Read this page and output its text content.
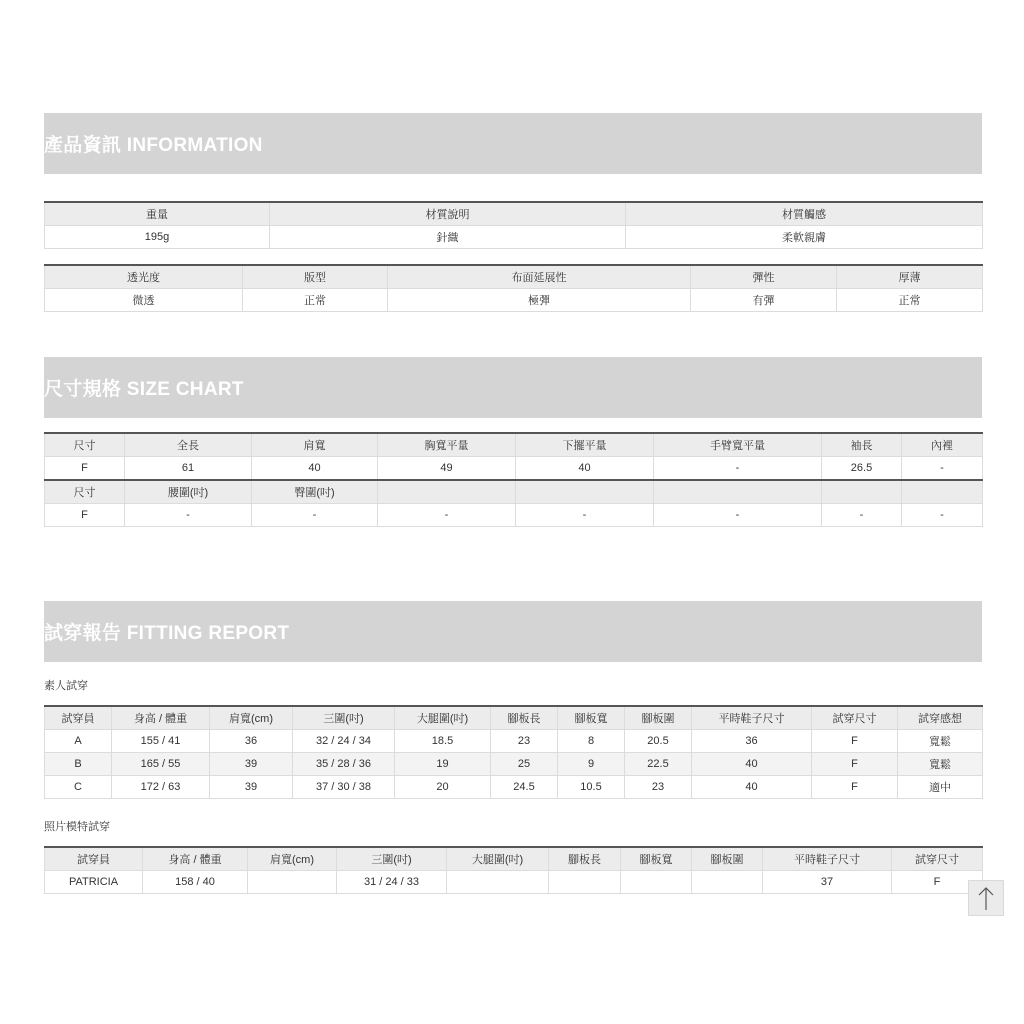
產品資訊 INFORMATION
重量	材質說明	材質觸感
195g	針織	柔軟親膚
透光度	版型	布面延展性	彈性	厚薄
微透	正常	極彈	有彈	正常
尺寸規格 SIZE CHART
尺寸	全長	肩寬	胸寬平量	下擺平量	手臂寬平量	袖長	內裡
F	61	40	49	40	-	26.5	-
尺寸	腰圍(吋)	臀圍(吋)					
F	-	-	-	-	-	-	-
試穿報告 FITTING REPORT
素人試穿
試穿員	身高 / 體重	肩寬(cm)	三圍(吋)	大腿圍(吋)	腳板長	腳板寬	腳板圍	平時鞋子尺寸	試穿尺寸	試穿感想
A	155 / 41	36	32 / 24 / 34	18.5	23	8	20.5	36	F	寬鬆
B	165 / 55	39	35 / 28 / 36	19	25	9	22.5	40	F	寬鬆
C	172 / 63	39	37 / 30 / 38	20	24.5	10.5	23	40	F	適中
照片模特試穿
試穿員	身高 / 體重	肩寬(cm)	三圍(吋)	大腿圍(吋)	腳板長	腳板寬	腳板圍	平時鞋子尺寸	試穿尺寸
PATRICIA	158 / 40		31 / 24 / 33					37	F
